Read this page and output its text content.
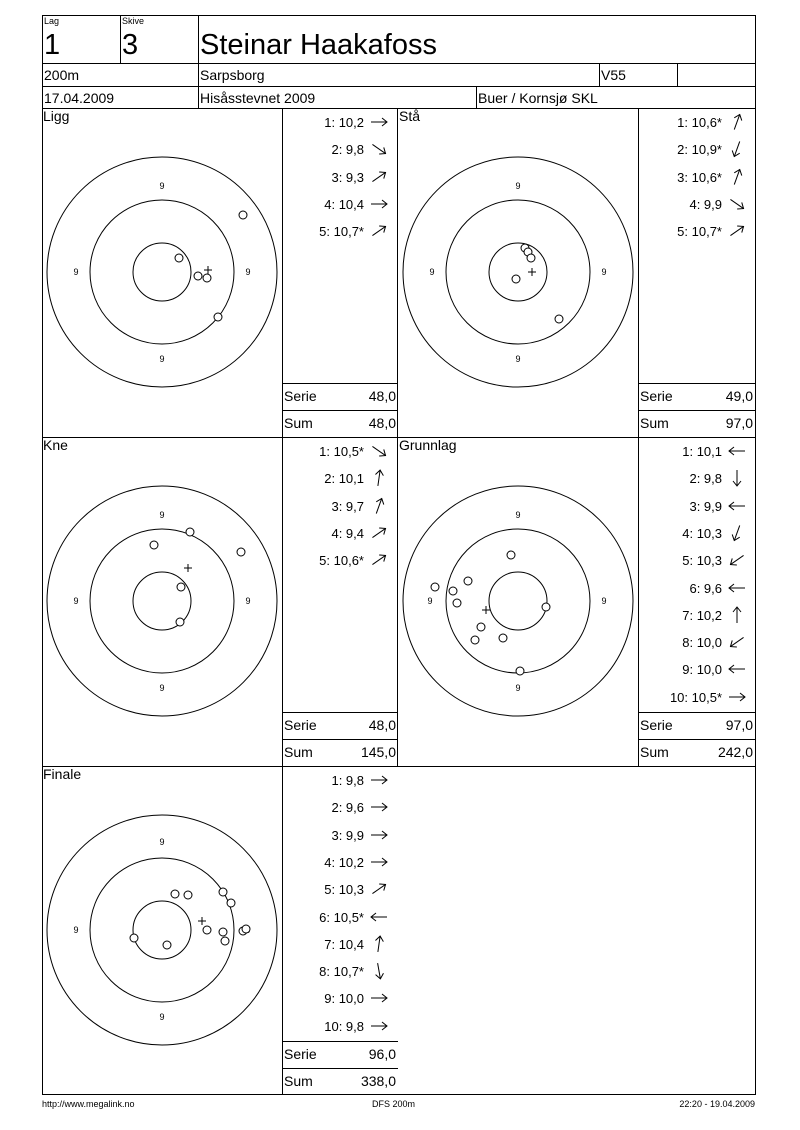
Lag
1
Skive
3 Steinar Haakafoss
200m	Sarpsborg	V55
17.04.2009	Hisåsstevnet 2009	Buer / Kornsjø SKL
Ligg	Stå
Kne	Grunnlag
Finale
Serie	48,0
Sum	48,0
Serie	49,0
Sum	97,0
Serie	48,0
Sum	145,0
Serie	97,0
Sum	242,0
Serie	96,0
Sum	338,0
1: 10,2
2: 9,8
3: 9,3
4: 10,4
5: 10,7*
1: 10,6*
2: 10,9*
3: 10,6*
4: 9,9
5: 10,7*
1: 10,5*
2: 10,1
3: 9,7
4: 9,4
5: 10,6*
1: 10,1
2: 9,8
3: 9,9
4: 10,3
5: 10,3
6: 9,6
7: 10,2
8: 10,0
9: 10,0
10: 10,5*
1: 9,8
2: 9,6
3: 9,9
4: 10,2
5: 10,3
6: 10,5*
7: 10,4
8: 10,7*
9: 10,0
10: 9,8
9
9
9	9
9
9
9	9
9
9
9	9
9
9
9	9
9
9
9
http://www.megalink.no	DFS 200m	22:20 - 19.04.2009
